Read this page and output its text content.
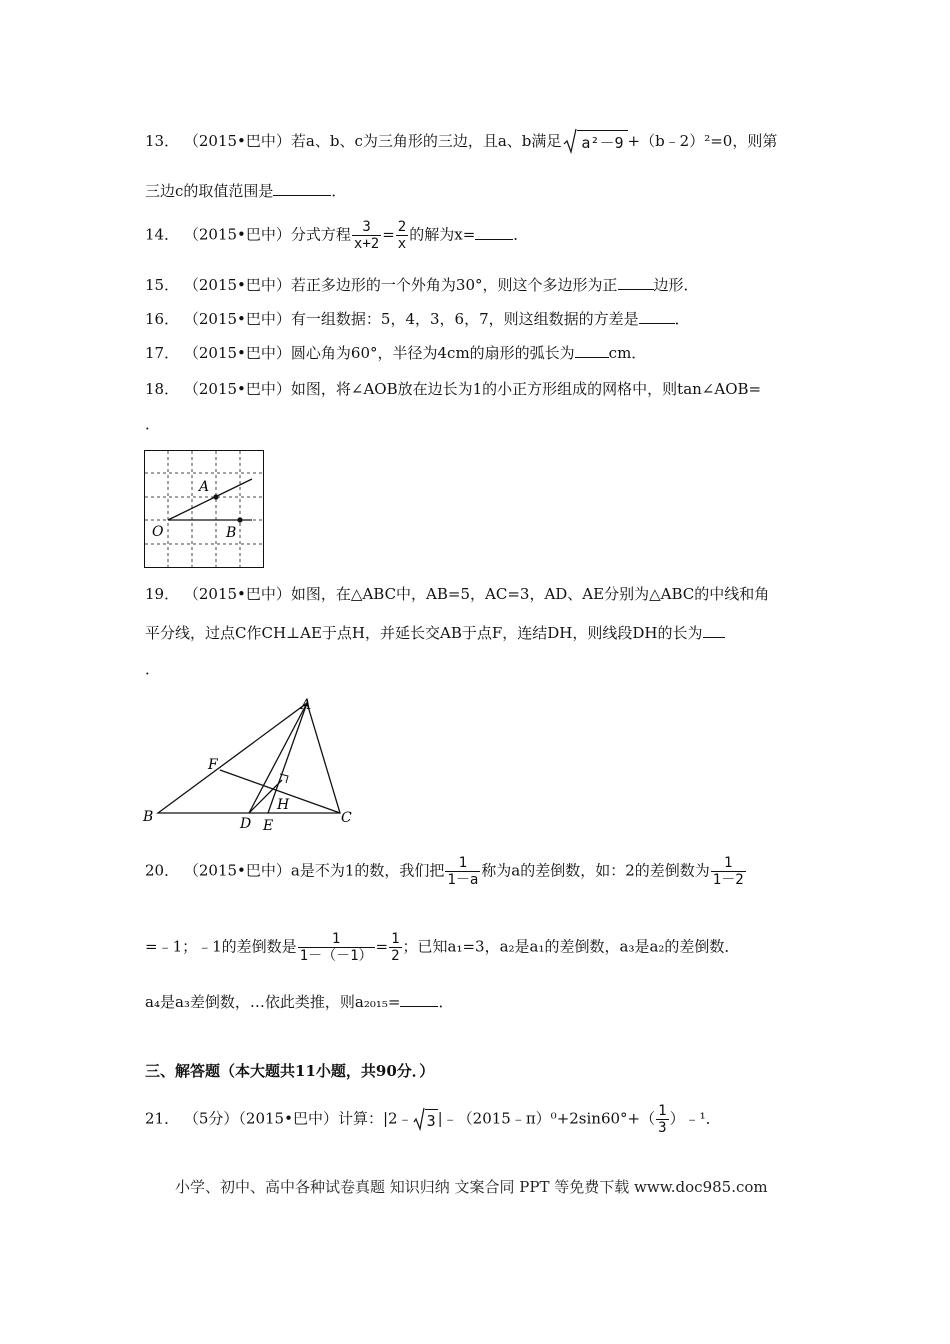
13． （2015•巴中）若a、b、c为三角形的三边，且a、b满足 a²－9 +（b﹣2）²=0，则第
三边c的取值范围是	．
14． （2015•巴中）分式方程 $\frac{3}{x+2} = \frac{2}{x}$ 的解为x=	．
15． （2015•巴中）若正多边形的一个外角为30°，则这个多边形为正 边形．
16． （2015•巴中）有一组数据：5，4，3，6，7，则这组数据的方差是 ．
17． （2015•巴中）圆心角为60°，半径为4cm的扇形的弧长为 cm．
18． （2015•巴中）如图，将∠AOB放在边长为1的小正方形组成的网格中，则tan∠AOB=
．
A
O	B
19． （2015•巴中）如图，在△ABC中，AB=5，AC=3，AD、AE分别为△ABC的中线和角
平分线，过点C作CH⊥AE于点H，并延长交AB于点F，连结DH，则线段DH的长为
．
A
B	C
D E
F
H
20． （2015•巴中）a是不为1的数，我们把 $\frac{1}{1-a}$ 称为a的差倒数，如：2的差倒数为 $\frac{1}{1-2}$
=﹣1；﹣1的差倒数是 $\frac{1}{1-(-1)} = \frac{1}{2}$ ；已知a₁=3，a₂是a₁的差倒数，a₃是a₂的差倒数．
a₄是a₃差倒数，…依此类推，则a₂₀₁₅=	．
三、解答题（本大题共11小题，共90分．）
21． （5分）（2015•巴中）计算：|2﹣ 3 |﹣（2015﹣π）⁰+2sin60°+（ $\frac{1}{3}$ ）﹣¹．
小学、初中、高中各种试卷真题 知识归纳 文案合同 PPT 等免费下载 www.doc985.com
